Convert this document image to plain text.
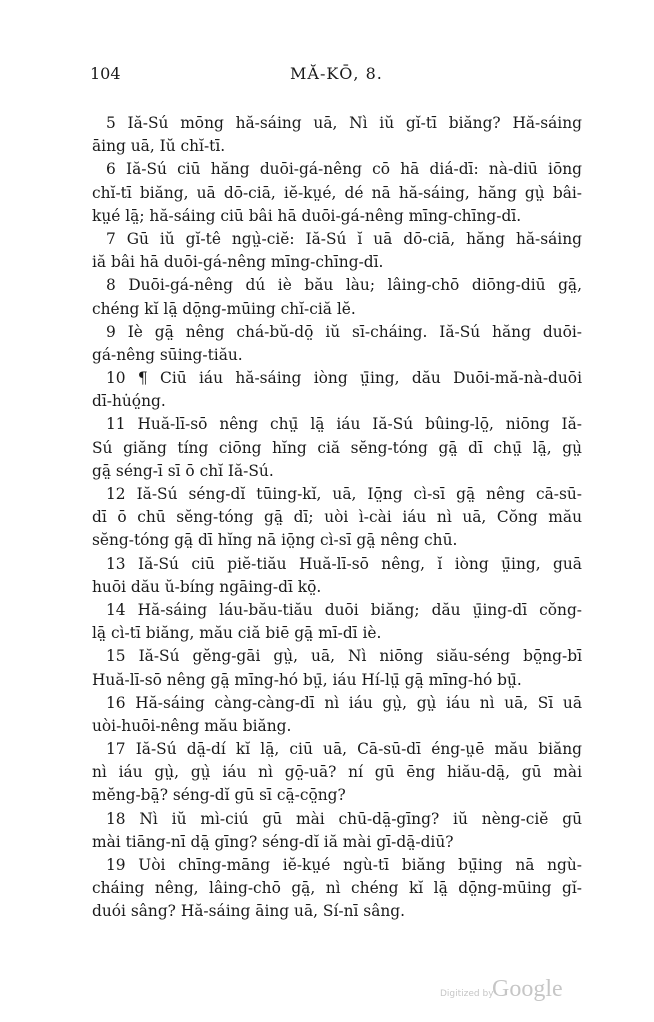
104	MĂ-KŌ, 8.
5 Iă-Sú mōng hă-sáing uā, Nì iŭ gĭ-tī biăng? Hă-sáing
āing uā, Iŭ chĭ-tī.
6 Iă-Sú ciū hăng duōi-gá-nêng cō hā diá-dī: nà-diū iōng
chĭ-tī biăng, uā dō-ciā, iĕ-kṳé, dé nā hă-sáing, hăng gṳ̀ bâi-
kṳé lā̤; hă-sáing ciū bâi hā duōi-gá-nêng mīng-chīng-dī.
7 Gū iŭ gĭ-tê ngṳ̀-ciĕ: Iă-Sú ĭ uā dō-ciā, hăng hă-sáing
iă bâi hā duōi-gá-nêng mīng-chīng-dī.
8 Duōi-gá-nêng dú iè bău làu; lâing-chō diōng-diū gā̤,
chéng kĭ lā̤ dō̤ng-mūing chĭ-ciă lĕ.
9 Iè gā̤ nêng chá-bŭ-dō̤ iŭ sī-cháing. Iă-Sú hăng duōi-
gá-nêng sūing-tiău.
10 ¶ Ciū iáu hă-sáing iòng ṳ̄ing, dău Duōi-mă-nà-duōi
dī-hu̇ó̤ng.
11 Huă-lī-sō nêng chṳ̄ lā̤ iáu Iă-Sú bûing-lō̤, niōng Iă-
Sú giăng tíng ciōng hĭng ciă sĕng-tóng gā̤ dī chṳ̄ lā̤, gṳ̀
gā̤ séng-ī sī ō chĭ Iă-Sú.
12 Iă-Sú séng-dĭ tūing-kĭ, uā, Iō̤ng cì-sī gā̤ nêng cā-sū-
dī ō chū sĕng-tóng gā̤ dī; uòi ì-cài iáu nì uā, Cŏng mău
sĕng-tóng gā̤ dī hĭng nā iō̤ng cì-sī gā̤ nêng chū.
13 Iă-Sú ciū piĕ-tiău Huă-lī-sō nêng, ĭ iòng ṳ̄ing, guā
huōi dău ŭ-bíng ngāing-dī kō̤.
14 Hă-sáing láu-bău-tiău duōi biăng; dău ṳ̄ing-dī cŏng-
lā̤ cì-tī biăng, mău ciă biē gā̤ mī-dī iè.
15 Iă-Sú gĕng-gāi gṳ̀, uā, Nì niōng siău-séng bō̤ng-bī
Huă-lī-sō nêng gā̤ mīng-hó bṳ̄, iáu Hí-lṳ̄ gā̤ mīng-hó bṳ̄.
16 Hă-sáing càng-càng-dī nì iáu gṳ̀, gṳ̀ iáu nì uā, Sī uā
uòi-huōi-nêng mău biăng.
17 Iă-Sú dā̤-dí kĭ lā̤, ciū uā, Cā-sū-dī éng-ṳē mău biăng
nì iáu gṳ̀, gṳ̀ iáu nì gō̤-uā? ní gū ēng hiău-dā̤, gū mài
mĕng-bā̤? séng-dĭ gū sī cā̤-cō̤ng?
18 Nì iŭ mì-ciú gū mài chū-dā̤-gīng? iŭ nèng-ciĕ gū
mài tiāng-nī dā̤ gīng? séng-dĭ iă mài gī-dā̤-diū?
19 Uòi chīng-māng iĕ-kṳé ngù-tī biăng bṳ̄ing nā ngù-
cháing nêng, lâing-chō gā̤, nì chéng kĭ lā̤ dō̤ng-mūing gĭ-
duói sâng? Hă-sáing āing uā, Sí-nī sâng.
Digitized by
Google
